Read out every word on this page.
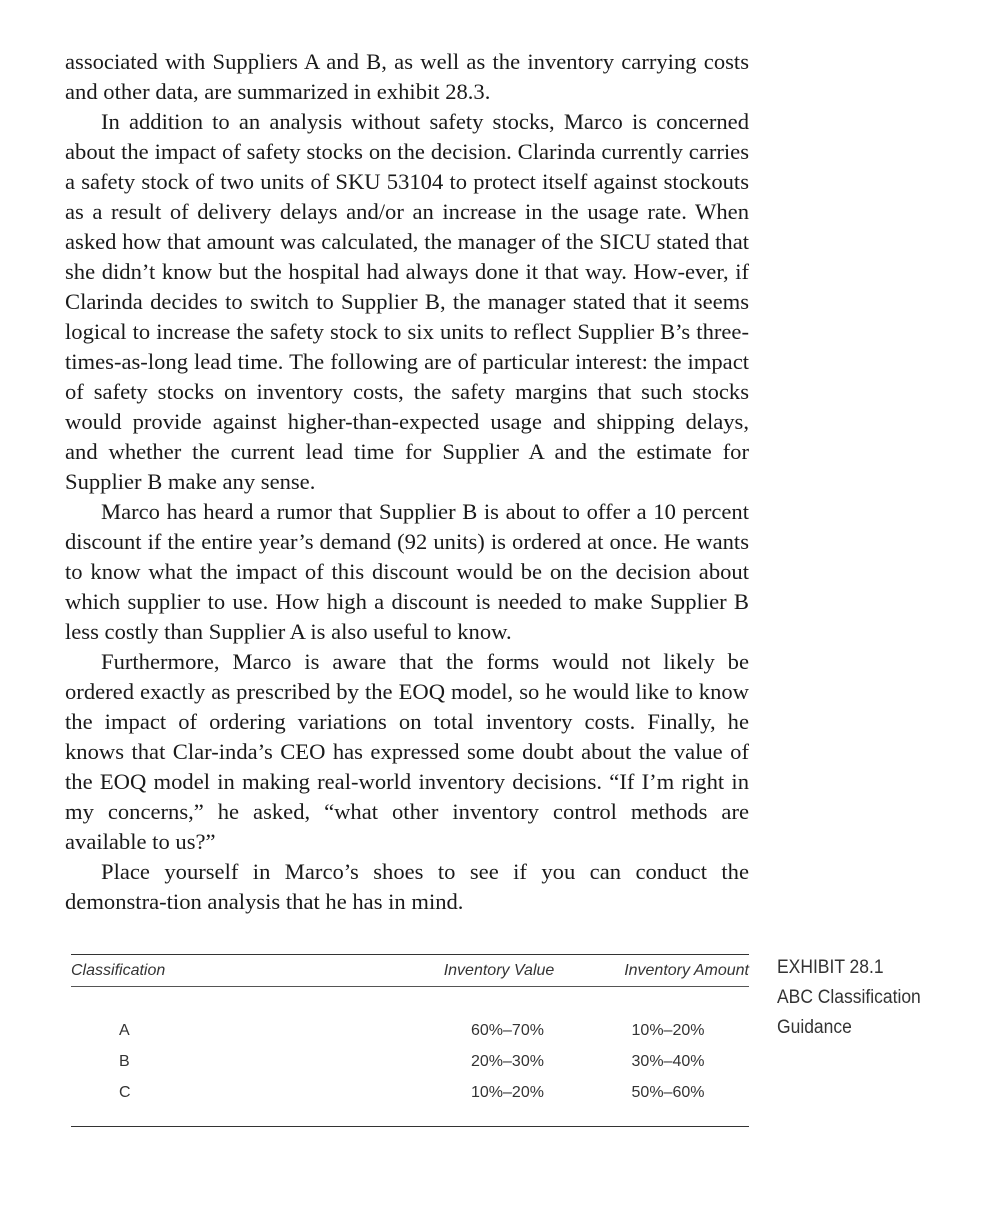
associated with Suppliers A and B, as well as the inventory carrying costs and other data, are summarized in exhibit 28.3.

In addition to an analysis without safety stocks, Marco is concerned about the impact of safety stocks on the decision. Clarinda currently carries a safety stock of two units of SKU 53104 to protect itself against stockouts as a result of delivery delays and/or an increase in the usage rate. When asked how that amount was calculated, the manager of the SICU stated that she didn’t know but the hospital had always done it that way. How-ever, if Clarinda decides to switch to Supplier B, the manager stated that it seems logical to increase the safety stock to six units to reflect Supplier B’s three-times-as-long lead time. The following are of particular interest: the impact of safety stocks on inventory costs, the safety margins that such stocks would provide against higher-than-expected usage and shipping delays, and whether the current lead time for Supplier A and the estimate for Supplier B make any sense.

Marco has heard a rumor that Supplier B is about to offer a 10 percent discount if the entire year’s demand (92 units) is ordered at once. He wants to know what the impact of this discount would be on the decision about which supplier to use. How high a discount is needed to make Supplier B less costly than Supplier A is also useful to know.

Furthermore, Marco is aware that the forms would not likely be ordered exactly as prescribed by the EOQ model, so he would like to know the impact of ordering variations on total inventory costs. Finally, he knows that Clar-inda’s CEO has expressed some doubt about the value of the EOQ model in making real-world inventory decisions. “If I’m right in my concerns,” he asked, “what other inventory control methods are available to us?”

Place yourself in Marco’s shoes to see if you can conduct the demonstra-tion analysis that he has in mind.

Classification	Inventory Value	Inventory Amount
A	60%–70%	10%–20%
B	20%–30%	30%–40%
C	10%–20%	50%–60%
EXHIBIT 28.1
ABC Classification
Guidance
